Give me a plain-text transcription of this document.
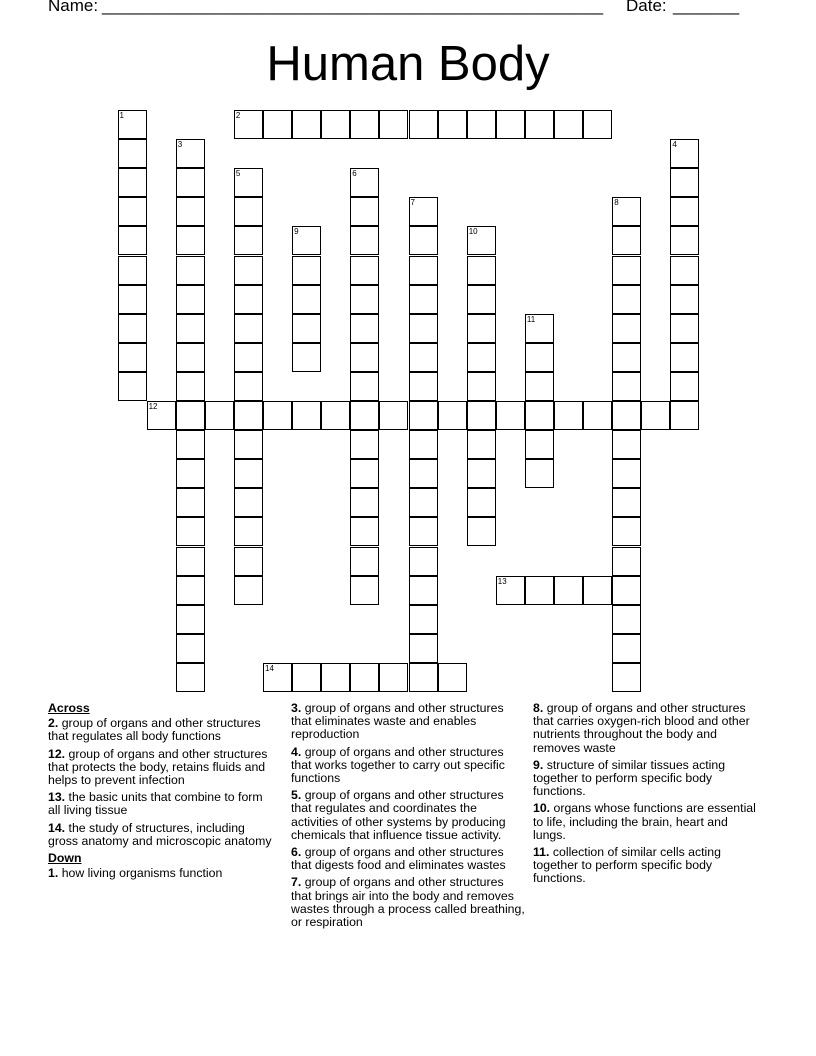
Name: _____________________________________________________ Date: _______
Human Body
1	2
3	4
5	6
7	8
9	10
11
12
13
14
Across
2. group of organs and other structures that regulates all body functions
12. group of organs and other structures that protects the body, retains fluids and helps to prevent infection
13. the basic units that combine to form all living tissue
14. the study of structures, including gross anatomy and microscopic anatomy
Down
1. how living organisms function
3. group of organs and other structures that eliminates waste and enables reproduction
4. group of organs and other structures that works together to carry out specific functions
5. group of organs and other structures that regulates and coordinates the activities of other systems by producing chemicals that influence tissue activity.
6. group of organs and other structures that digests food and eliminates wastes
7. group of organs and other structures that brings air into the body and removes wastes through a process called breathing, or respiration
8. group of organs and other structures that carries oxygen-rich blood and other nutrients throughout the body and removes waste
9. structure of similar tissues acting together to perform specific body functions.
10. organs whose functions are essential to life, including the brain, heart and lungs.
11. collection of similar cells acting together to perform specific body functions.
